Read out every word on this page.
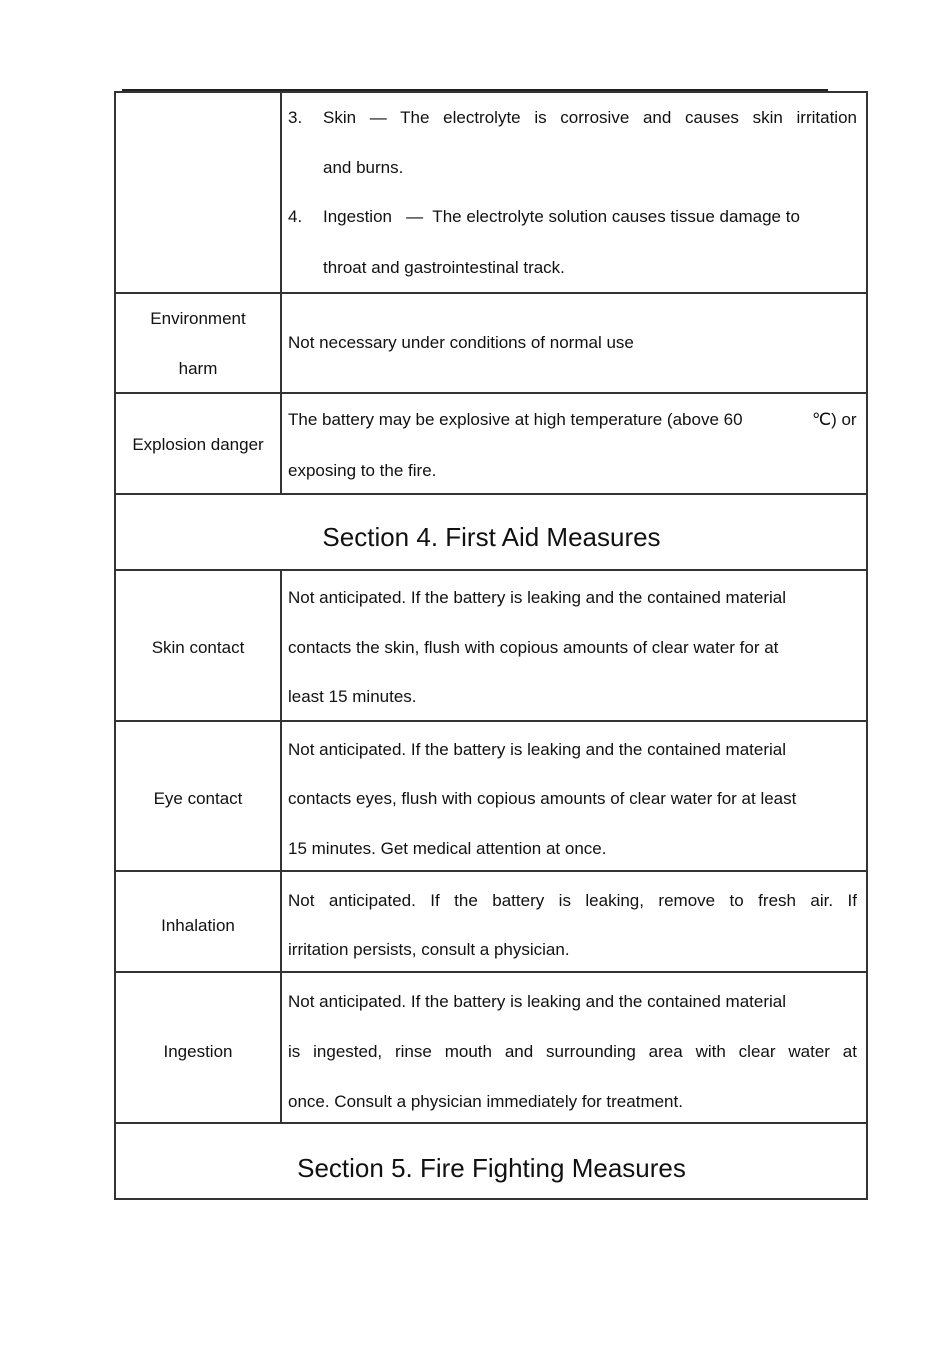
3. Skin — The electrolyte is corrosive and causes skin irritation
and burns.
4. Ingestion   —  The electrolyte solution causes tissue damage to
throat and gastrointestinal track.
Environment
harm
Not necessary under conditions of normal use
Explosion danger
The battery may be explosive at high temperature (above 60	℃) or
exposing to the fire.
Section 4. First Aid Measures
Skin contact
Not anticipated. If the battery is leaking and the contained material
contacts the skin, flush with copious amounts of clear water for at
least 15 minutes.
Eye contact
Not anticipated. If the battery is leaking and the contained material
contacts eyes, flush with copious amounts of clear water for at least
15 minutes. Get medical attention at once.
Inhalation
Not anticipated. If the battery is leaking, remove to fresh air. If
irritation persists, consult a physician.
Ingestion
Not anticipated. If the battery is leaking and the contained material
is ingested, rinse mouth and surrounding area with clear water at
once. Consult a physician immediately for treatment.
Section 5. Fire Fighting Measures
